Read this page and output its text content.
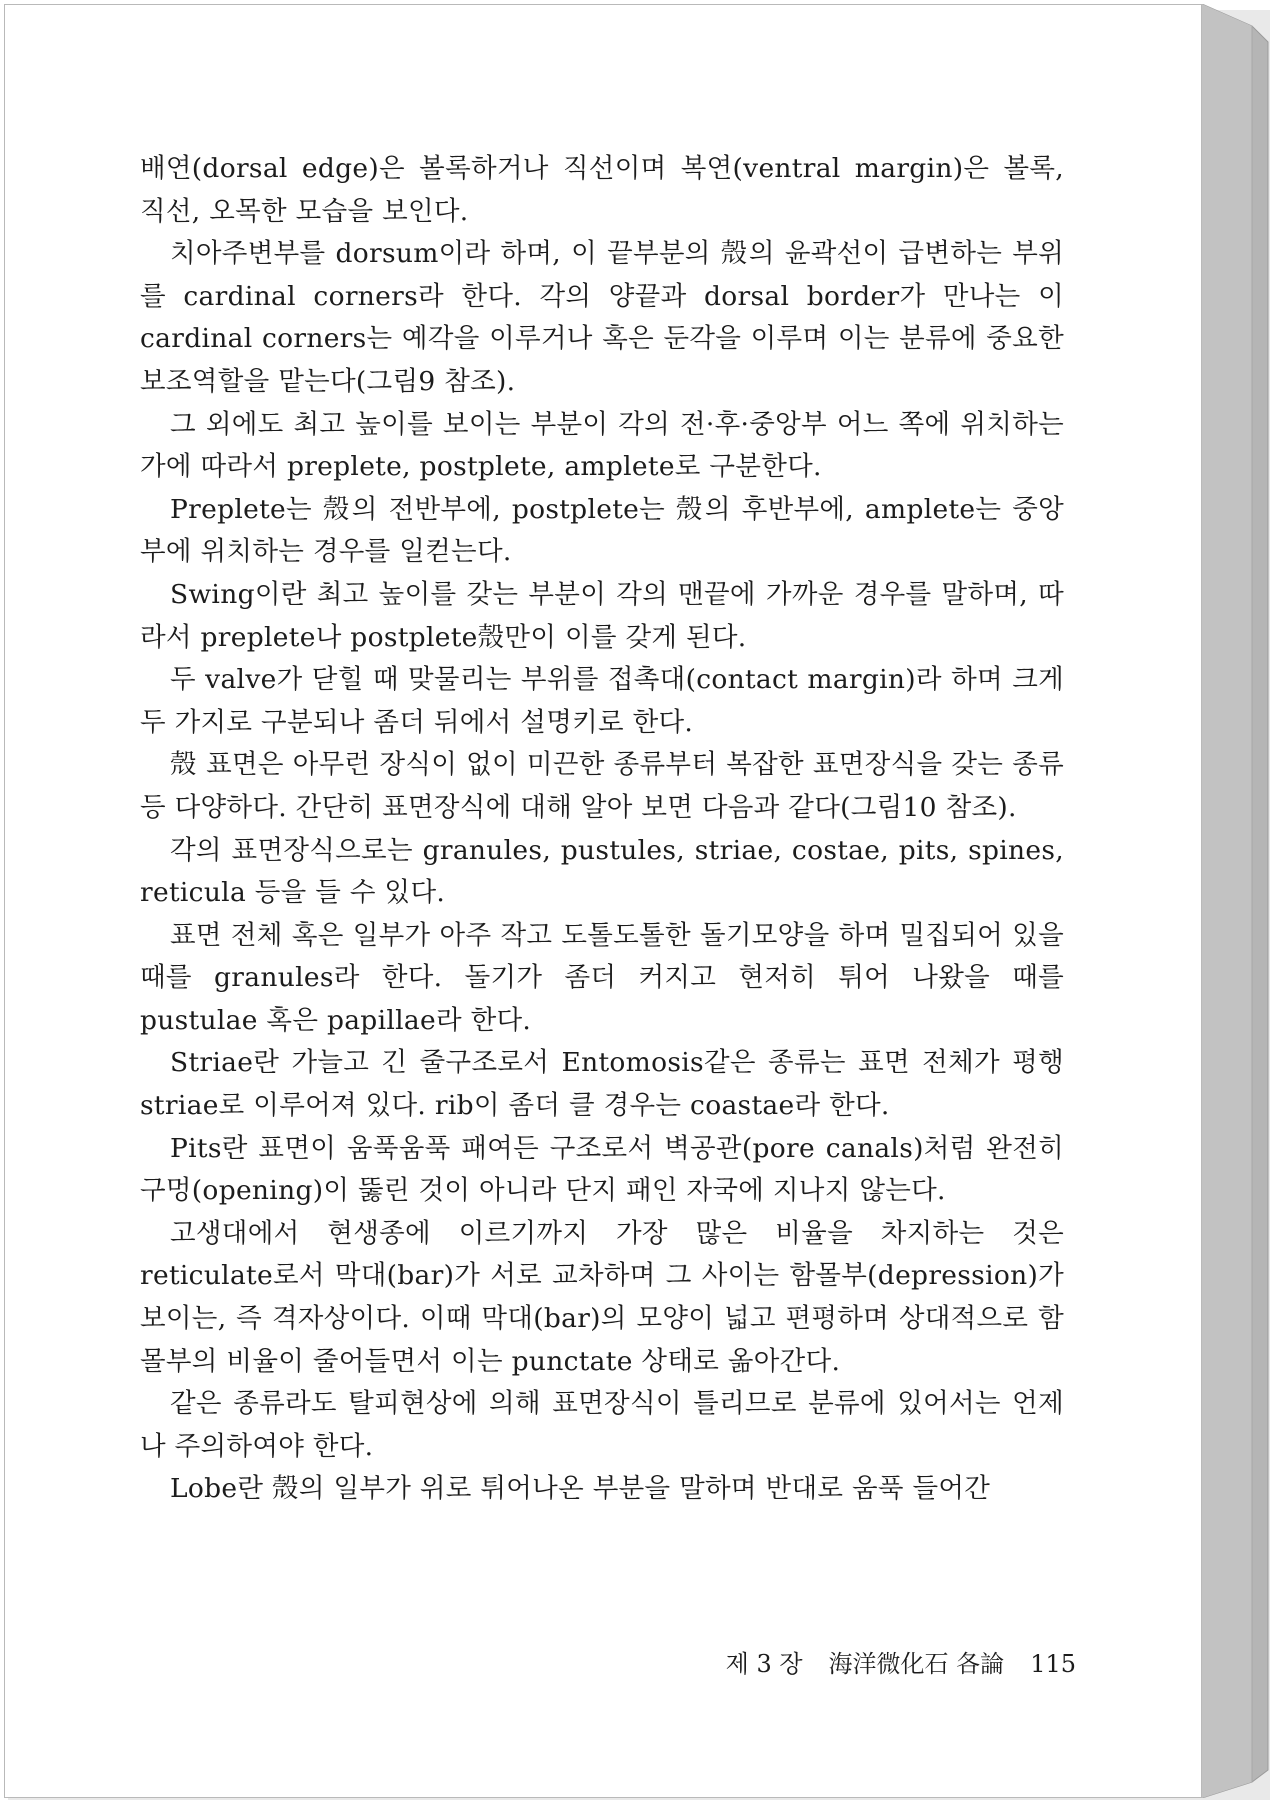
배연(dorsal edge)은 볼록하거나 직선이며 복연(ventral margin)은 볼록, 직선, 오목한 모습을 보인다.

치아주변부를 dorsum이라 하며, 이 끝부분의 殼의 윤곽선이 급변하는 부위를 cardinal corners라 한다. 각의 양끝과 dorsal border가 만나는 이 cardinal corners는 예각을 이루거나 혹은 둔각을 이루며 이는 분류에 중요한 보조역할을 맡는다(그림9 참조).

그 외에도 최고 높이를 보이는 부분이 각의 전·후·중앙부 어느 쪽에 위치하는가에 따라서 preplete, postplete, amplete로 구분한다.

Preplete는 殼의 전반부에, postplete는 殼의 후반부에, amplete는 중앙부에 위치하는 경우를 일컫는다.

Swing이란 최고 높이를 갖는 부분이 각의 맨끝에 가까운 경우를 말하며, 따라서 preplete나 postplete殼만이 이를 갖게 된다.

두 valve가 닫힐 때 맞물리는 부위를 접촉대(contact margin)라 하며 크게 두 가지로 구분되나 좀더 뒤에서 설명키로 한다.

殼 표면은 아무런 장식이 없이 미끈한 종류부터 복잡한 표면장식을 갖는 종류 등 다양하다. 간단히 표면장식에 대해 알아 보면 다음과 같다(그림10 참조).

각의 표면장식으로는 granules, pustules, striae, costae, pits, spines, reticula 등을 들 수 있다.

표면 전체 혹은 일부가 아주 작고 도톨도톨한 돌기모양을 하며 밀집되어 있을 때를 granules라 한다. 돌기가 좀더 커지고 현저히 튀어 나왔을 때를 pustulae 혹은 papillae라 한다.

Striae란 가늘고 긴 줄구조로서 Entomosis같은 종류는 표면 전체가 평행 striae로 이루어져 있다. rib이 좀더 클 경우는 coastae라 한다.

Pits란 표면이 움푹움푹 패여든 구조로서 벽공관(pore canals)처럼 완전히 구멍(opening)이 뚫린 것이 아니라 단지 패인 자국에 지나지 않는다.

고생대에서 현생종에 이르기까지 가장 많은 비율을 차지하는 것은 reticulate로서 막대(bar)가 서로 교차하며 그 사이는 함몰부(depression)가 보이는, 즉 격자상이다. 이때 막대(bar)의 모양이 넓고 편평하며 상대적으로 함몰부의 비율이 줄어들면서 이는 punctate 상태로 옮아간다.

같은 종류라도 탈피현상에 의해 표면장식이 틀리므로 분류에 있어서는 언제나 주의하여야 한다.

Lobe란 殼의 일부가 위로 튀어나온 부분을 말하며 반대로 움푹 들어간

제 3 장 海洋微化石 各論 115
